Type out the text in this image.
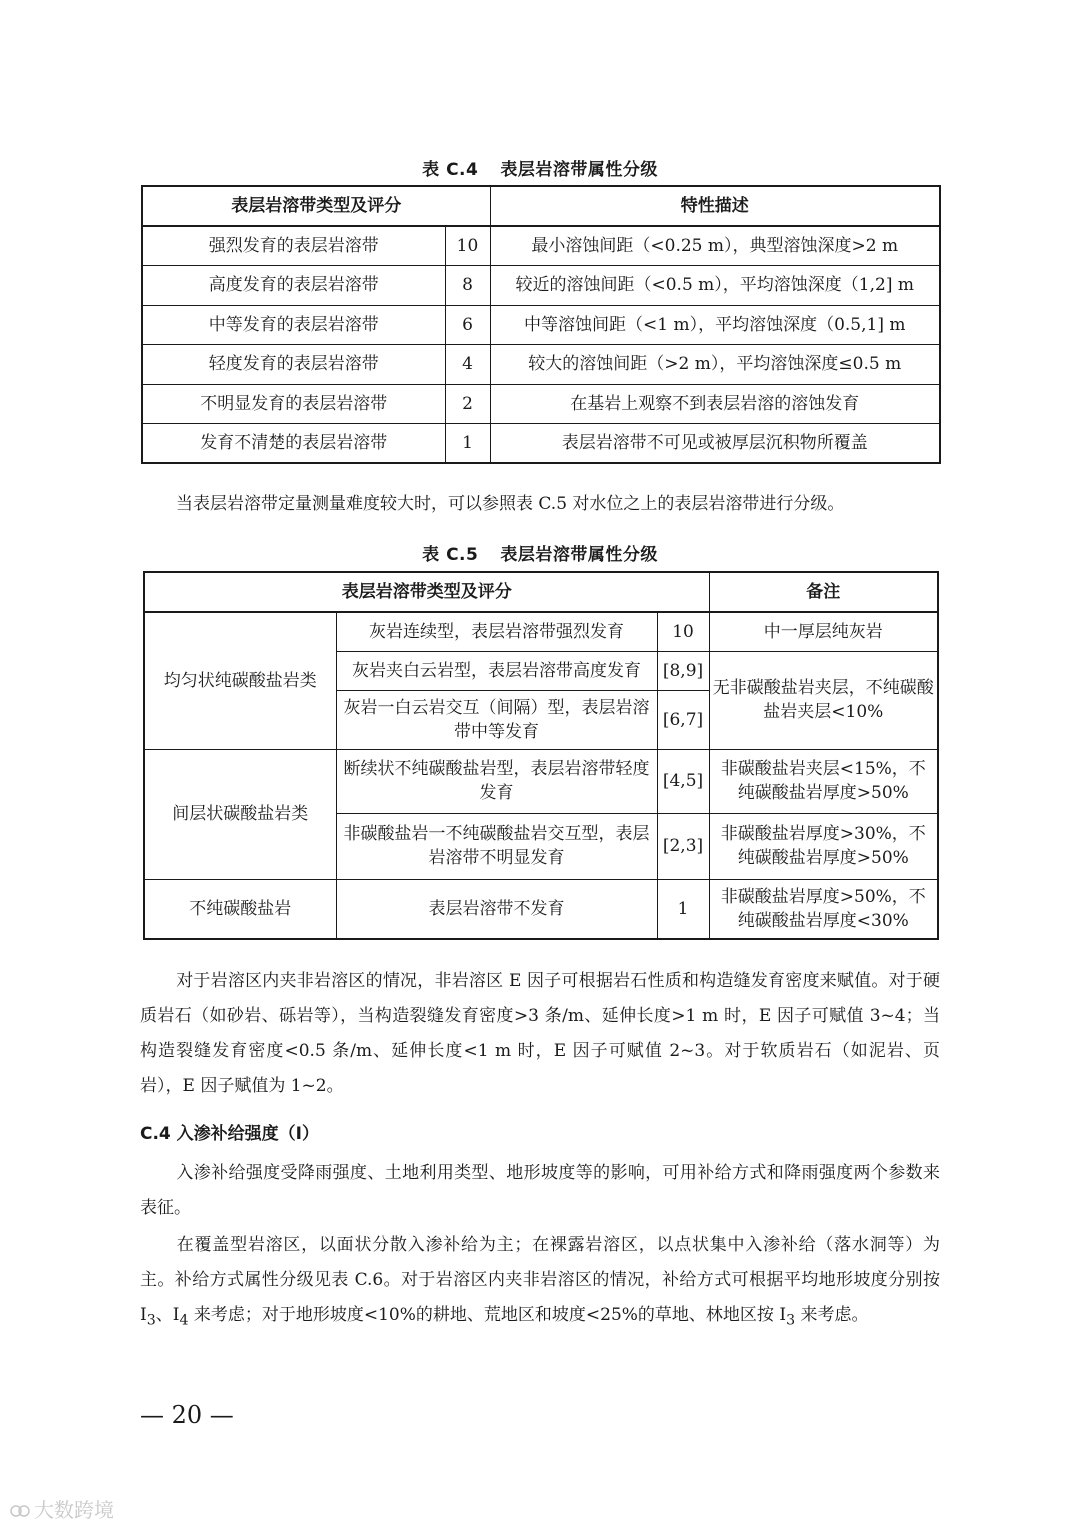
表 C.4 表层岩溶带属性分级
表层岩溶带类型及评分		特性描述
强烈发育的表层岩溶带	10	最小溶蚀间距（<0.25 m），典型溶蚀深度>2 m
高度发育的表层岩溶带	8	较近的溶蚀间距（<0.5 m），平均溶蚀深度（1,2] m
中等发育的表层岩溶带	6	中等溶蚀间距（<1 m），平均溶蚀深度（0.5,1] m
轻度发育的表层岩溶带	4	较大的溶蚀间距（>2 m），平均溶蚀深度≤0.5 m
不明显发育的表层岩溶带	2	在基岩上观察不到表层岩溶的溶蚀发育
发育不清楚的表层岩溶带	1	表层岩溶带不可见或被厚层沉积物所覆盖

当表层岩溶带定量测量难度较大时，可以参照表 C.5 对水位之上的表层岩溶带进行分级。

表 C.5 表层岩溶带属性分级
表层岩溶带类型及评分			备注
均匀状纯碳酸盐岩类	灰岩连续型，表层岩溶带强烈发育	10	中一厚层纯灰岩
	灰岩夹白云岩型，表层岩溶带高度发育	[8,9]	无非碳酸盐岩夹层，不纯碳酸盐岩夹层<10%
	灰岩一白云岩交互（间隔）型，表层岩溶带中等发育	[6,7]	
间层状碳酸盐岩类	断续状不纯碳酸盐岩型，表层岩溶带轻度发育	[4,5]	非碳酸盐岩夹层<15%，不纯碳酸盐岩厚度>50%
	非碳酸盐岩一不纯碳酸盐岩交互型，表层岩溶带不明显发育	[2,3]	非碳酸盐岩厚度>30%，不纯碳酸盐岩厚度>50%
不纯碳酸盐岩	表层岩溶带不发育	1	非碳酸盐岩厚度>50%，不纯碳酸盐岩厚度<30%

对于岩溶区内夹非岩溶区的情况，非岩溶区 E 因子可根据岩石性质和构造缝发育密度来赋值。对于硬质岩石（如砂岩、砾岩等），当构造裂缝发育密度>3 条/m、延伸长度>1 m 时，E 因子可赋值 3~4；当构造裂缝发育密度<0.5 条/m、延伸长度<1 m 时，E 因子可赋值 2~3。对于软质岩石（如泥岩、页岩），E 因子赋值为 1~2。

C.4 入渗补给强度（I）

入渗补给强度受降雨强度、土地利用类型、地形坡度等的影响，可用补给方式和降雨强度两个参数来表征。

在覆盖型岩溶区，以面状分散入渗补给为主；在裸露岩溶区，以点状集中入渗补给（落水洞等）为主。补给方式属性分级见表 C.6。对于岩溶区内夹非岩溶区的情况，补给方式可根据平均地形坡度分别按 $I_3$、$I_4$ 来考虑；对于地形坡度<10%的耕地、荒地区和坡度<25%的草地、林地区按 $I_3$ 来考虑。

— 20 —
大数跨境
